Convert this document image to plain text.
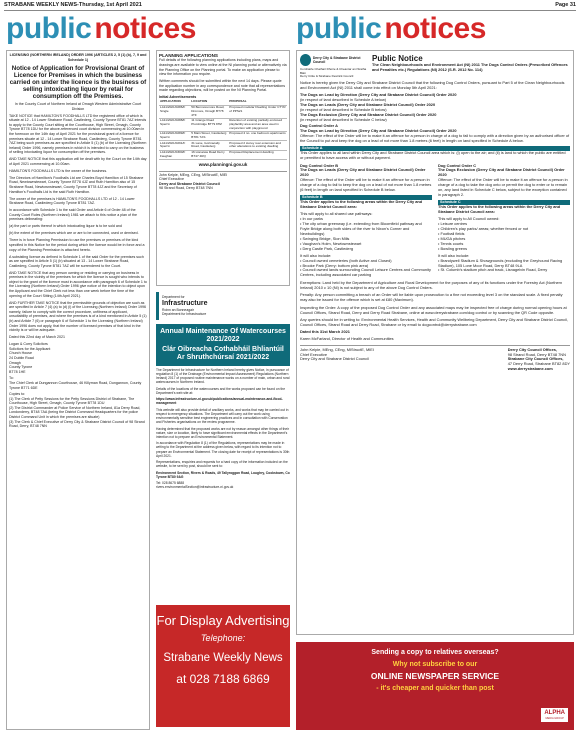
STRABANE WEEKLY NEWS-Thursday, 1st April 2021	Page 31
public notices	public notices

LICENSING (NORTHERN IRELAND) ORDER 1996 (ARTICLES 2, 5 (1) (b), 7, 9 and Schedule 1)

Notice of Application for Provisional Grant of Licence for Premises in which the business carried on under the licence is the business of selling intoxicating liquor by retail for consumption off the Premises.

In the County Court of Northern Ireland at Omagh Western Administrative Court Division

TAKE NOTICE that HAMILTON'S FOODHALLS LTD the registered office of which is situate at 12 - 14 Lower Strabane Road, Castlederg, County Tyrone BT81 7AZ intends to apply to the County Court sitting at the Courthouse, High Street, Omagh, County Tyrone BT78 1DU for the above-referenced court division commencing at 10.00am in the forenoon on the 14th day of April 2021 for the provisional grant of a licence for premises situate at 12 - 14 Lower Strabane Road, Castlederg, County Tyrone BT81 7AZ being such premises as are specified in Article 5 (1) (b) of the Licensing (Northern Ireland) Order 1996, namely premises in which it is intended to carry on the business of selling intoxicating liquor for consumption off the premises.

AND TAKE NOTICE that this application will be dealt with by the Court on the 14th day of April 2021 commencing at 10.00am.

HAMILTON'S FOODHALLS LTD is the owner of the business.

The Directors of Hamilton's Foodhalls Ltd are Charles Boyd Hamilton of 15 Strabane Road, Newtownstewart, County Tyrone BT78 4JZ and Ruth Hamilton also of 15 Strabane Road, Newtownstewart, County Tyrone BT78 4JZ and the Secretary of Hamilton's Foodhalls Ltd is the said Ruth Hamilton.

The owner of the premises is HAMILTON'S FOODHALLS LTD of 12 - 14 Lower Strabane Road, Castlederg County Tyrone BT81 7AZ.

In accordance with Schedule 1 to the said Order and Article 6 of Order 48 of the County Court Rules (Northern Ireland) 1981 we attach to this notice a plan of the premises delineating:

(a) the part or parts thereof in which intoxicating liquor is to be sold and

(b) the extent of the premises which are or are to be connected, used or demised.

There is in force Planning Permission to use the premises or premises of the kind specified in this Notice for the period during which the licence would be in force and a copy of the Planning Permission is attached hereto.

A subsisting licence as defined in Schedule 1 of the said Order for the premises such as are specified in Article 5 (1) (b) situated at 13 - 14 Lower Strabane Road, Castlederg, County Tyrone BT81 7AZ will be surrendered to the Court.

AND TAKE NOTICE that any person owning or residing or carrying on business in premises in the vicinity of the premises for which the licence is sought who intends to object to the grant of the licence must in accordance with paragraph 6 of Schedule 1 to the Licensing (Northern Ireland) Order 1996 give notice of the intention to object upon the Applicant and the Chief Clerk not less than one week before the time of the opening of the Court Sitting (14th April 2021).

AND FURTHER TAKE NOTICE that the permissible grounds of objection are such as are specified in Article 7 (4) (a) to (d) (i) of the Licensing (Northern Ireland) Order 1996 namely, failure to comply with the correct procedure, unfitness of applicant, unsuitability of premises, and where the premises is of a kind mentioned in Article 5 (1) (b) and Article 7 (6) or paragraph 6 of Schedule 1 to the Licensing (Northern Ireland) Order 1996 does not apply, that the number of licensed premises of that kind in the vicinity is or will be adequate.

Dated this 22nd day of March 2021

Logan & Corry Solicitors
Solicitors for the Applicant
Church House
24 Dublin Road
Omagh
County Tyrone
BT78 1HE
To:
The Chief Clerk at Dungannon Courthouse, 46 Killyman Road, Dungannon, County Tyrone BT71 6DE
Copies to:
(1) The Clerk of Petty Sessions for the Petty Sessions District of Strabane, The Courthouse, High Street, Omagh, County Tyrone BT78 1DU
(2) The District Commander at Police Service of Northern Ireland, 81a Derry Road, Londonderry, BT48 7AA (being the District Command Headquarters for the police District Command Unit in which the premises are situate)
(3) The Clerk & Chief Executive of Derry City & Strabane District Council of 98 Strand Road, Derry, BT48 7NN
PLANNING APPLICATIONS

Full details of the following planning applications including plans, maps and drawings are available to view online at the NI planning portal or alternatively via the Planning Office on the Planning portal. To make an application please to view the information you require.

Written comments should be submitted within the next 14 days. Please quote the application number in any correspondence and note that all representations made regarding objections, will be posted on the NI Planning Portal.

Initial Advertisements
APPLICATION	LOCATION	PROPOSAL
LA11/2021/0286/F Single	50 Benmoremore Road, Dromore, Omagh BT78 4TF	Proposed modular Dwelling Under CTYR of PPS21
LA11/2021/0288/F Sperrin	11 Grange Road Plumbridge BT79 8HZ	Retention of existing partially enclosed playfacility area and an area used in conjunction with playground
LA11/2021/0289/F Sperrin	5 Main Street, Castlederg BT81 7AS	Proposed 4 no. one bedroom apartments
LA11/2021/0291/F Sperrin	31 Lane, Gortnacally Road, Castlederg	Proposed 2 storey rear extension and other alterations to existing dwelling
LA11/2021/0300/F Faughan	16 Lisnaraw Road Derry BT47 4RQ	Proposed Replacement dwelling
www.planningni.gov.uk
John Kelpie, MEng, CEng, MIStructE, MIEI
Chief Executive
Derry and Strabane District Council
98 Strand Road, Derry BT48 7NN
Department for
Infrastructure
Roinn an Bonneagair
Depairtment fur Infrastructure
Annual Maintenance Of Watercourses 2021/2022
Clár Oibreacha Cothabháil Bhliantúil Ar Shruthchúrsaí 2021/2022

The Department for Infrastructure for Northern Ireland hereby gives Notice, in pursuance of regulation 8 (1) of the Drainage (Environmental Impact Assessment) Regulations (Northern Ireland) 2017 of proposed routine maintenance works on a number of main, urban and rural watercourses in Northern Ireland.

Details of the locations of the watercourses and the works proposed can be found on the Department's web site at:

https://www.infrastructure-ni.gov.uk/publications/annual-maintenance-and-flood-management

This website will also provide detail of ancillary works, and works that may be carried out in respect to emergency situations. The Department will carry out the work using environmentally sensitive best engineering practices and in consultation with Conservation and Fisheries organisations on the review programme.

Having determined that the proposed works are not by reason amongst other things of their nature, size or location, likely to have significant environmental effects in the Department's intention not to prepare an Environmental Statement.

In accordance with Regulation 8 (1) of the Regulations, representations may be made in writing to the Department at the address given below, with regard to its intention not to prepare an Environmental Statement. The closing date for receipt of representations is 30th April 2021.

Representations, enquiries and requests for a hard copy of the information included on the website, to be sent by post, should be sent to:

Environment Section, Rivers & Roads, 49 Tallyroggan Road, Loughry, Cookstown, Co Tyrone BT80 9AG

Tel: 028 8675 6888
rivers.environmentalSection@infrastructure-ni.gov.uk
For Display Advertising
Telephone:
Strabane Weekly News
at 028 7188 6869
Derry City & Strabane District Council
Comhairle Chathair Dhoire & Cheantar an tSratha Báin
Derry Cittie & Strabane Destrick Cooncil
Public Notice
The Clean Neighbourhoods and Environment Act (NI) 2011 The Dogs Control Orders (Prescribed Offences and Penalties etc.) Regulations (NI) 2012 (S.R. 2012 No. 114)

Notice is hereby given the Derry City and Strabane District Council that the following Dog Control Orders, pursuant to Part 5 of the Clean Neighbourhoods and Environment Act (NI) 2011 shall come into effect on Monday 5th April 2021:

The Dogs on Lead by Direction (Derry City and Strabane District Council) Order 2020
(in respect of land described in Schedule A below)
The Dogs on Leads (Derry City and Strabane District Council) Order 2020
(in respect of land described in Schedule B below)
The Dogs Exclusion (Derry City and Strabane District Council) Order 2020
(in respect of land described in Schedule C below)
Dog Control Order A
The Dogs on Lead by Direction (Derry City and Strabane District Council) Order 2020

Offence: The effect of the Order will be to make it an offence for a person in charge of a dog to fail to comply with a direction given by an authorised officer of the Council to put and keep the dog on a lead of not more than 1.8 metres (6 feet) in length on land specified in Schedule A below.

Schedule A

This Order applies to all land within Derry City and Strabane District Council area which is: (i) open to the air; and (ii) is land to which the public are entitled or permitted to have access with or without payment.

Dog Control Order B
The Dogs on Leads (Derry City and Strabane District Council) Order 2020

Offence: The effect of the Order will be to make it an offence for a person in charge of a dog to fail to keep the dog on a lead of not more than 1.8 metres (6 feet) in length on land specified in Schedule B below.

Schedule B

This Order applies to the following areas within the Derry City and Strabane District Council area:

This will apply to all shared use pathways:
• In our parks
• The city urban greenway (i.e. extending from Bloomfield pathway and Foyle Bridge along both sides of the river to Nixon's Corner and Newbuildings)
• Swinging Bridge, Sion Mills
• Vaughan's Holm, Newtownstewart
• Derg Castle Park, Castlederg
It will also include:
• Council owned cemeteries (both Active and Closed)
• Brooke Park (Derry: bottom pink area)
• Council owned lands surrounding Council Leisure Centres and Community Centres, including associated car parking
Dog Control Order C
The Dogs Exclusion (Derry City and Strabane District Council) Order 2020

Offence: The effect of the Order will be to make it an offence for a person in charge of a dog to take the dog onto or permit the dog to enter or to remain on, any land listed in Schedule C below, subject to the exception contained in paragraph 2.

Schedule C

This Order applies to the following areas within the Derry City and Strabane District Council area:

This will apply to All Council owned:
• Leisure centres
• Children's play parks/ areas; whether fenced or not
• Football fields
• MUGA pitches
• Tennis courts
• Bowling greens
It will also include:
• Brandywell Stadium & Showgrounds (excluding the Greyhound Racing Stadium), 105 Lone Moor Road, Derry BT48 9LA
• St. Columb's stadium pitch and track, Lisnagelvin Road, Derry

Exemptions: Land held by the Department of Agriculture and Rural Development for the purposes of any of its functions under the Forestry Act (Northern Ireland) 2010 c 10 (NI) is not subject to any of the above Dog Control Orders.

Penalty: Any person committing a breach of an Order will be liable upon prosecution to a fine not exceeding level 3 on the standard scale. A fixed penalty may also be issued for the offence which is set at £80 (Maximum).

Inspecting the Order: A copy of the proposed Dog Control Order and any associated maps may be inspected free of charge during normal opening hours at Council Offices, Strand Road, Derry and Derry Road Strabane, online at www.derrystrabane.com/dog control or by scanning the QR Code opposite.

Any queries should be in writing to: Environmental Health Services, Health and Community Wellbeing Department, Derry City and Strabane District Council, Council Offices, Strand Road and Derry Road, Strabane or by email to dogcontrol@derrystrabane.com

Dated this 31st March 2021

Karen McFarland, Director of Health and Communities

John Kelpie, MEng, CEng, MIStructE, MIEI
Chief Executive
Derry City and Strabane District Council
Derry City Council Offices,
98 Strand Road, Derry BT48 7NN
Strabane City Council Offices,
47 Derry Road, Strabane BT82 8DY
www.derrystrabane.com
Sending a copy to relatives overseas?
Why not subscribe to our
ONLINE NEWSPAPER SERVICE
- it's cheaper and quicker than post
ALPHA
MEDIA GROUP
